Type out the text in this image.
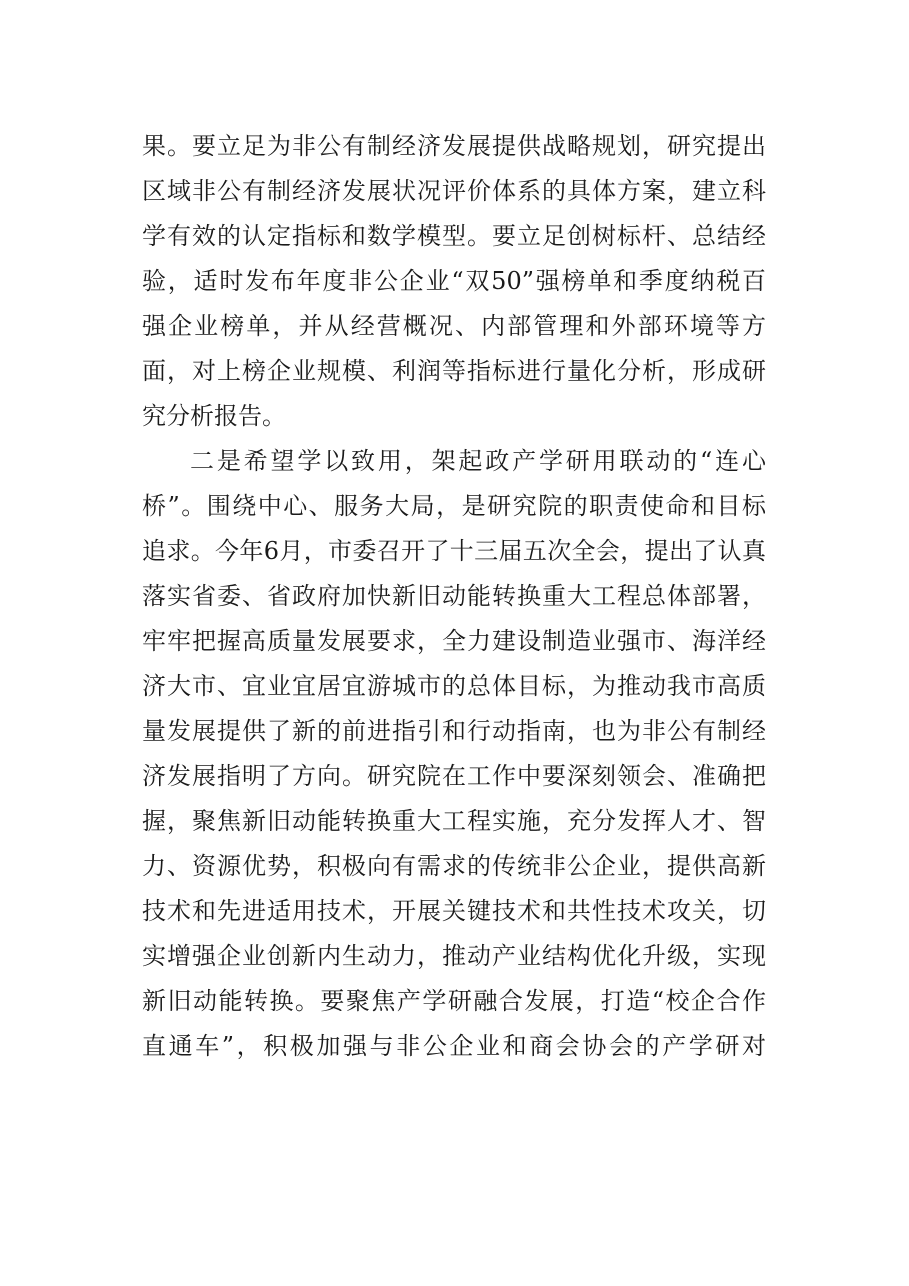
果。要立足为非公有制经济发展提供战略规划，研究提出
区域非公有制经济发展状况评价体系的具体方案，建立科
学有效的认定指标和数学模型。要立足创树标杆、总结经
验，适时发布年度非公企业“双50”强榜单和季度纳税百
强企业榜单，并从经营概况、内部管理和外部环境等方
面，对上榜企业规模、利润等指标进行量化分析，形成研
究分析报告。
二是希望学以致用，架起政产学研用联动的“连心
桥”。围绕中心、服务大局，是研究院的职责使命和目标
追求。今年6月，市委召开了十三届五次全会，提出了认真
落实省委、省政府加快新旧动能转换重大工程总体部署，
牢牢把握高质量发展要求，全力建设制造业强市、海洋经
济大市、宜业宜居宜游城市的总体目标，为推动我市高质
量发展提供了新的前进指引和行动指南，也为非公有制经
济发展指明了方向。研究院在工作中要深刻领会、准确把
握，聚焦新旧动能转换重大工程实施，充分发挥人才、智
力、资源优势，积极向有需求的传统非公企业，提供高新
技术和先进适用技术，开展关键技术和共性技术攻关，切
实增强企业创新内生动力，推动产业结构优化升级，实现
新旧动能转换。要聚焦产学研融合发展，打造“校企合作
直通车”，积极加强与非公企业和商会协会的产学研对
